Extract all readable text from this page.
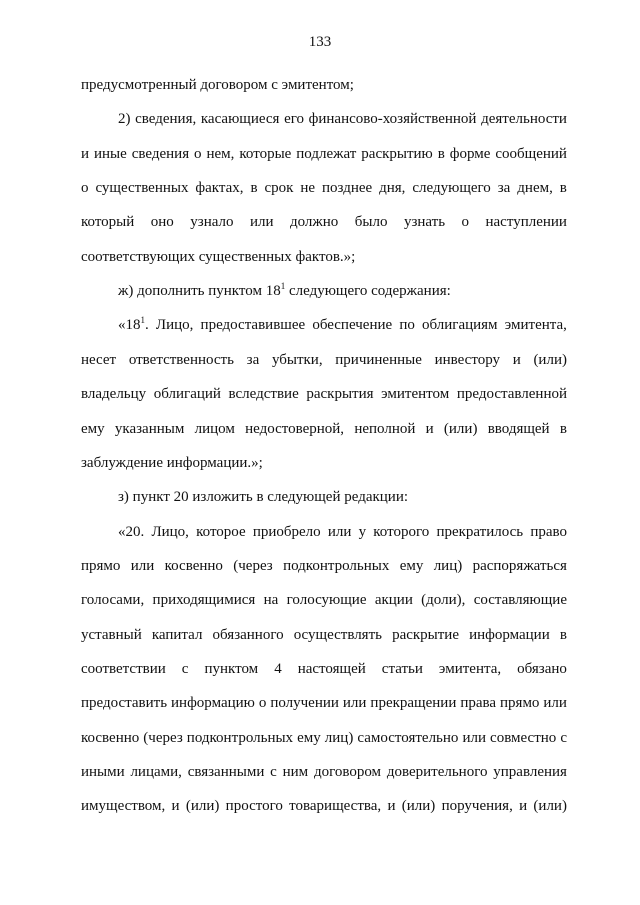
133
предусмотренный договором с эмитентом;
2) сведения, касающиеся его финансово-хозяйственной деятельности
и иные сведения о нем, которые подлежат раскрытию в форме сообщений
о существенных фактах, в срок не позднее дня, следующего за днем, в
который оно узнало или должно было узнать о наступлении
соответствующих существенных фактов.»;
ж) дополнить пунктом $18^1$ следующего содержания:
«$18^1$. Лицо, предоставившее обеспечение по облигациям эмитента,
несет ответственность за убытки, причиненные инвестору и (или)
владельцу облигаций вследствие раскрытия эмитентом предоставленной
ему указанным лицом недостоверной, неполной и (или) вводящей в
заблуждение информации.»;
з) пункт 20 изложить в следующей редакции:
«20. Лицо, которое приобрело или у которого прекратилось право
прямо или косвенно (через подконтрольных ему лиц) распоряжаться
голосами, приходящимися на голосующие акции (доли), составляющие
уставный капитал обязанного осуществлять раскрытие информации в
соответствии с пунктом 4 настоящей статьи эмитента, обязано
предоставить информацию о получении или прекращении права прямо или
косвенно (через подконтрольных ему лиц) самостоятельно или совместно с
иными лицами, связанными с ним договором доверительного управления
имуществом, и (или) простого товарищества, и (или) поручения, и (или)
